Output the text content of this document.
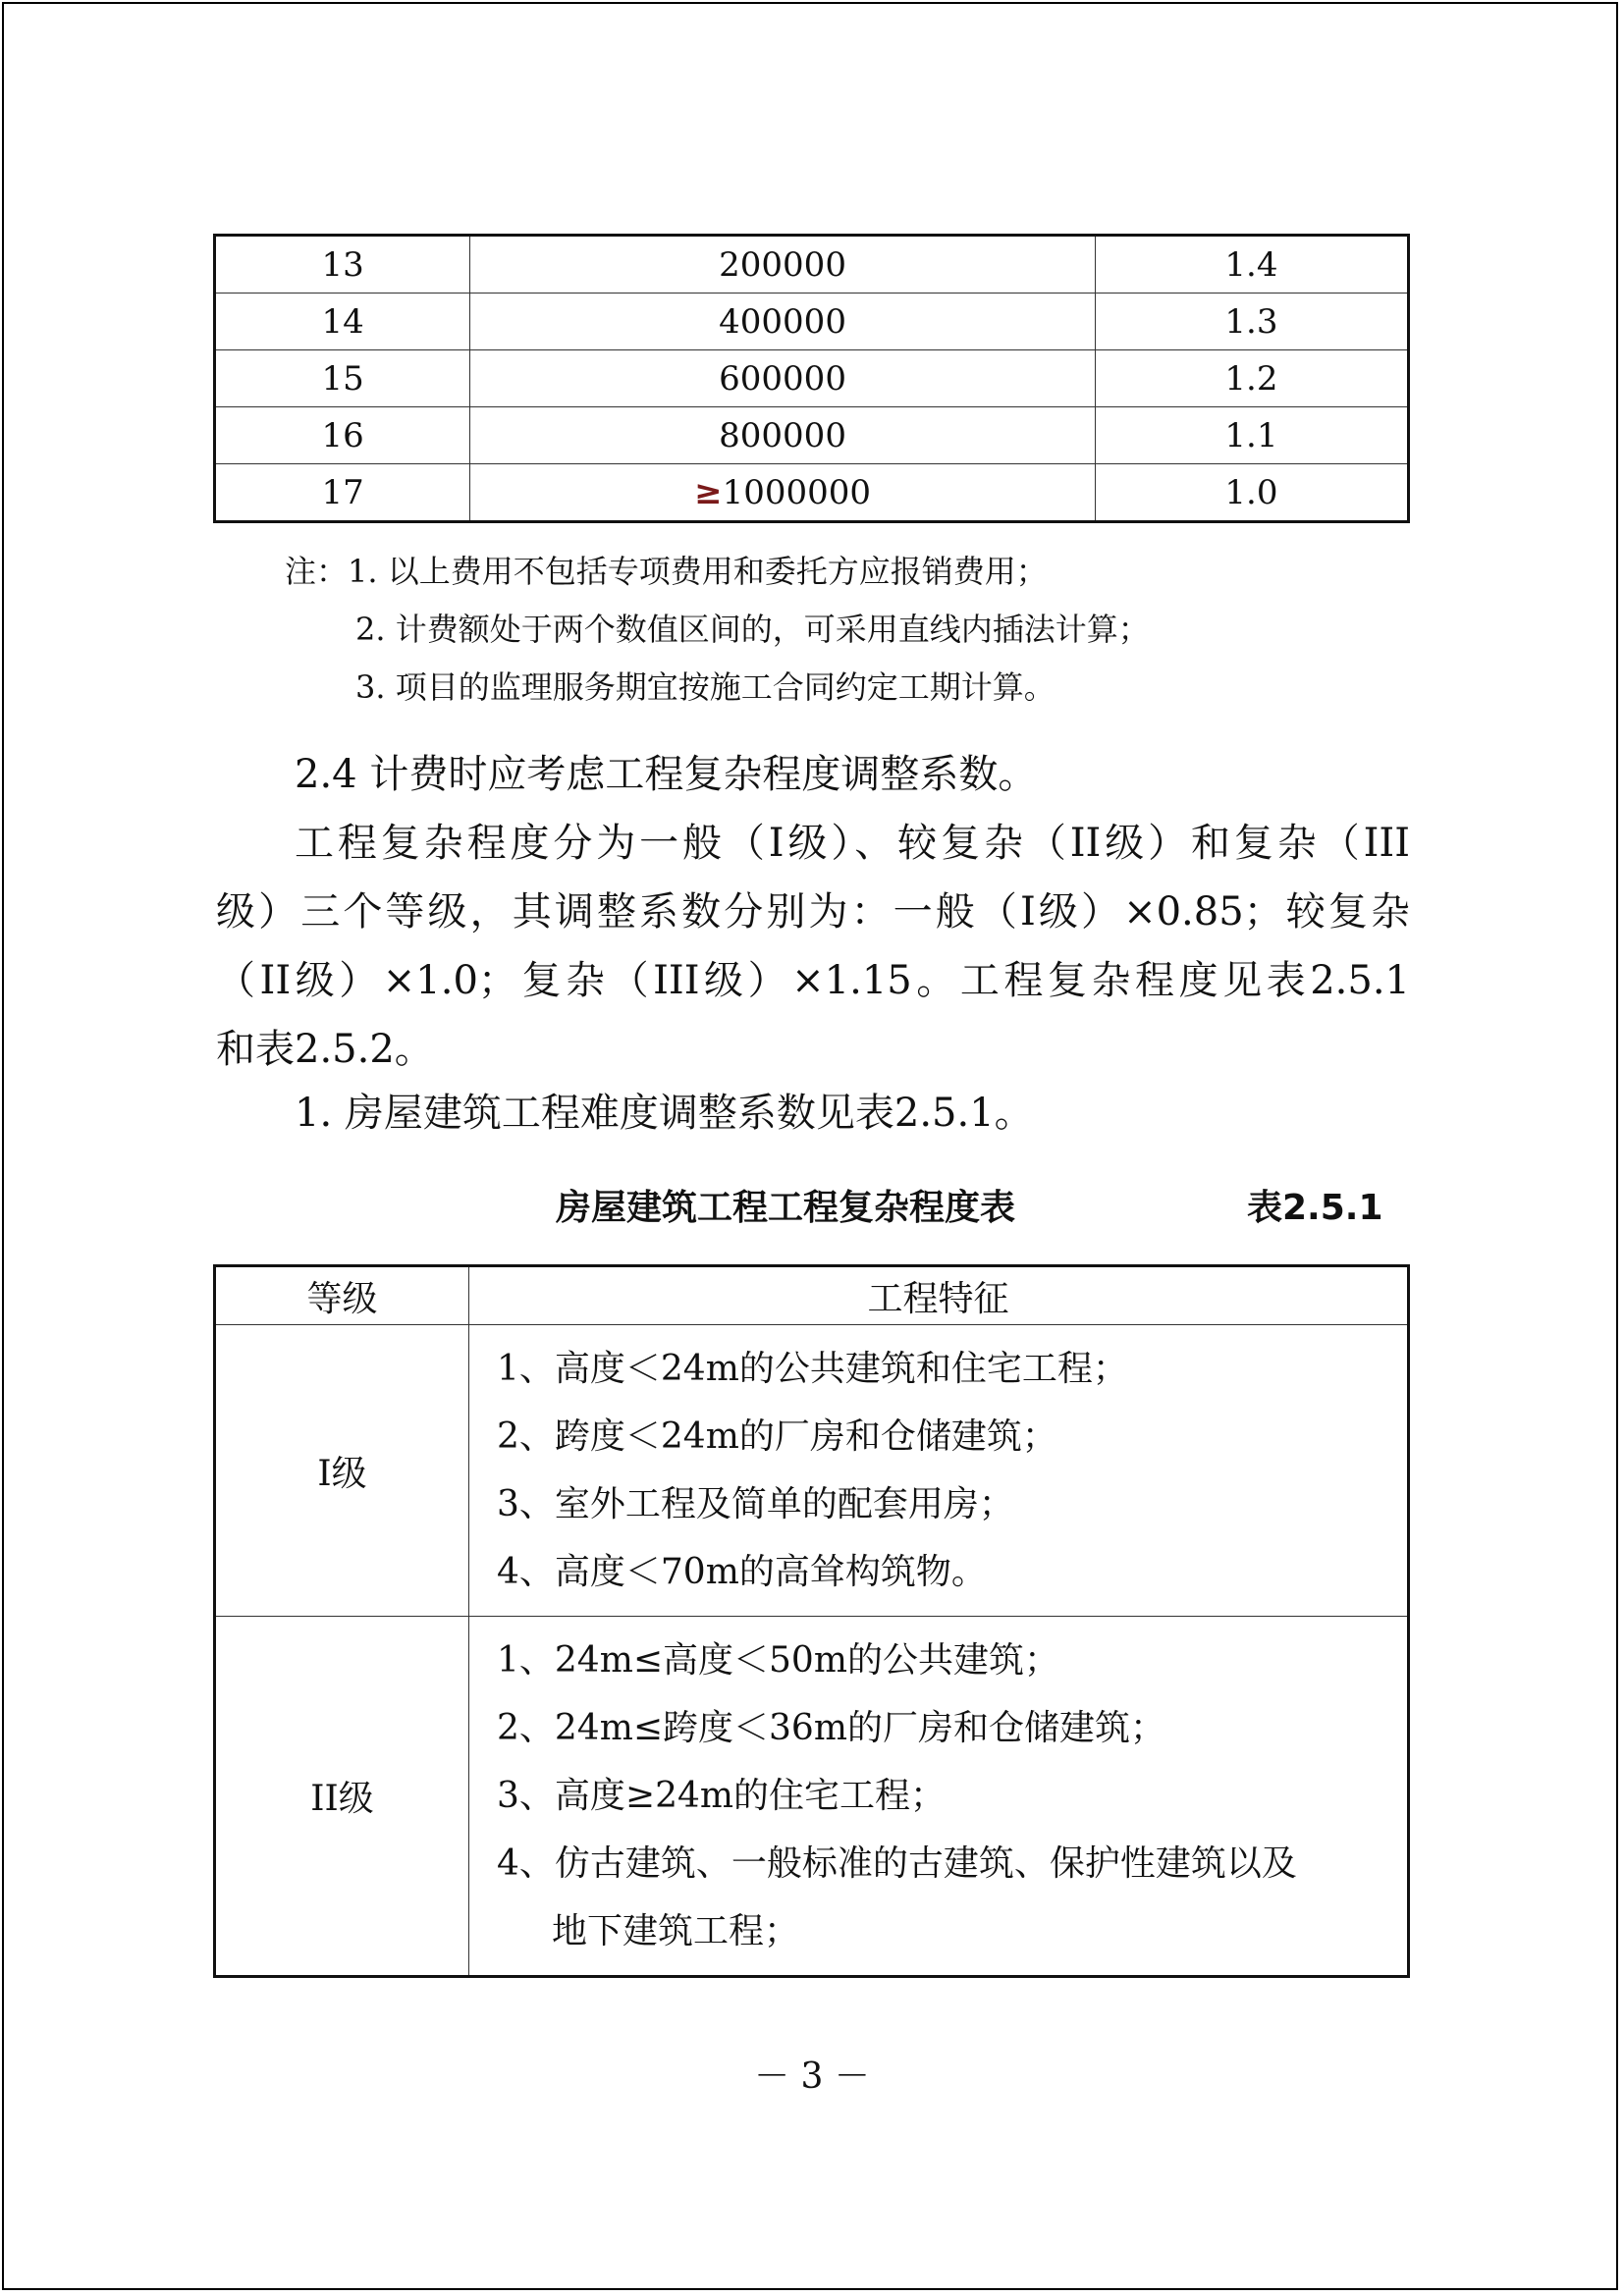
13	200000	1.4
14	400000	1.3
15	600000	1.2
16	800000	1.1
17	≥1000000	1.0
注：1. 以上费用不包括专项费用和委托方应报销费用；
2. 计费额处于两个数值区间的，可采用直线内插法计算；
3. 项目的监理服务期宜按施工合同约定工期计算。
2.4 计费时应考虑工程复杂程度调整系数。
工程复杂程度分为一般（I级）、较复杂（II级）和复杂（III
级）三个等级，其调整系数分别为：一般（I级）×0.85；较复杂
（II级）×1.0；复杂（III级）×1.15。工程复杂程度见表2.5.1
和表2.5.2。
1. 房屋建筑工程难度调整系数见表2.5.1。
房屋建筑工程工程复杂程度表	表2.5.1
等级	工程特征
I级	1、高度＜24m的公共建筑和住宅工程；
2、跨度＜24m的厂房和仓储建筑；
3、室外工程及简单的配套用房；
4、高度＜70m的高耸构筑物。

II级	1、24m≤高度＜50m的公共建筑；
2、24m≤跨度＜36m的厂房和仓储建筑；
3、高度≥24m的住宅工程；
4、仿古建筑、一般标准的古建筑、保护性建筑以及
地下建筑工程；
－ 3 －
